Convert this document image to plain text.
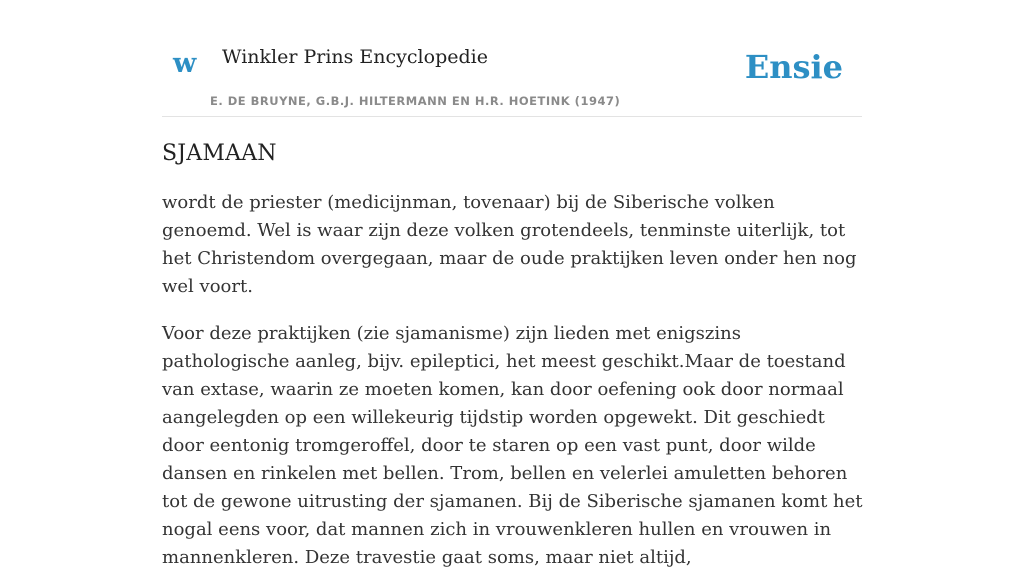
w Winkler Prins Encyclopedie
E. DE BRUYNE, G.B.J. HILTERMANN EN H.R. HOETINK (1947)
Ensie
SJAMAAN

wordt de priester (medicijnman, tovenaar) bij de Siberische volken genoemd. Wel is waar zijn deze volken grotendeels, tenminste uiterlijk, tot het Christendom overgegaan, maar de oude praktijken leven onder hen nog wel voort.

Voor deze praktijken (zie sjamanisme) zijn lieden met enigszins pathologische aanleg, bijv. epileptici, het meest geschikt.Maar de toestand van extase, waarin ze moeten komen, kan door oefening ook door normaal aangelegden op een willekeurig tijdstip worden opgewekt. Dit geschiedt door eentonig tromgeroffel, door te staren op een vast punt, door wilde dansen en rinkelen met bellen. Trom, bellen en velerlei amuletten behoren tot de gewone uitrusting der sjamanen. Bij de Siberische sjamanen komt het nogal eens voor, dat mannen zich in vrouwenkleren hullen en vrouwen in mannenkleren. Deze travestie gaat soms, maar niet altijd,
